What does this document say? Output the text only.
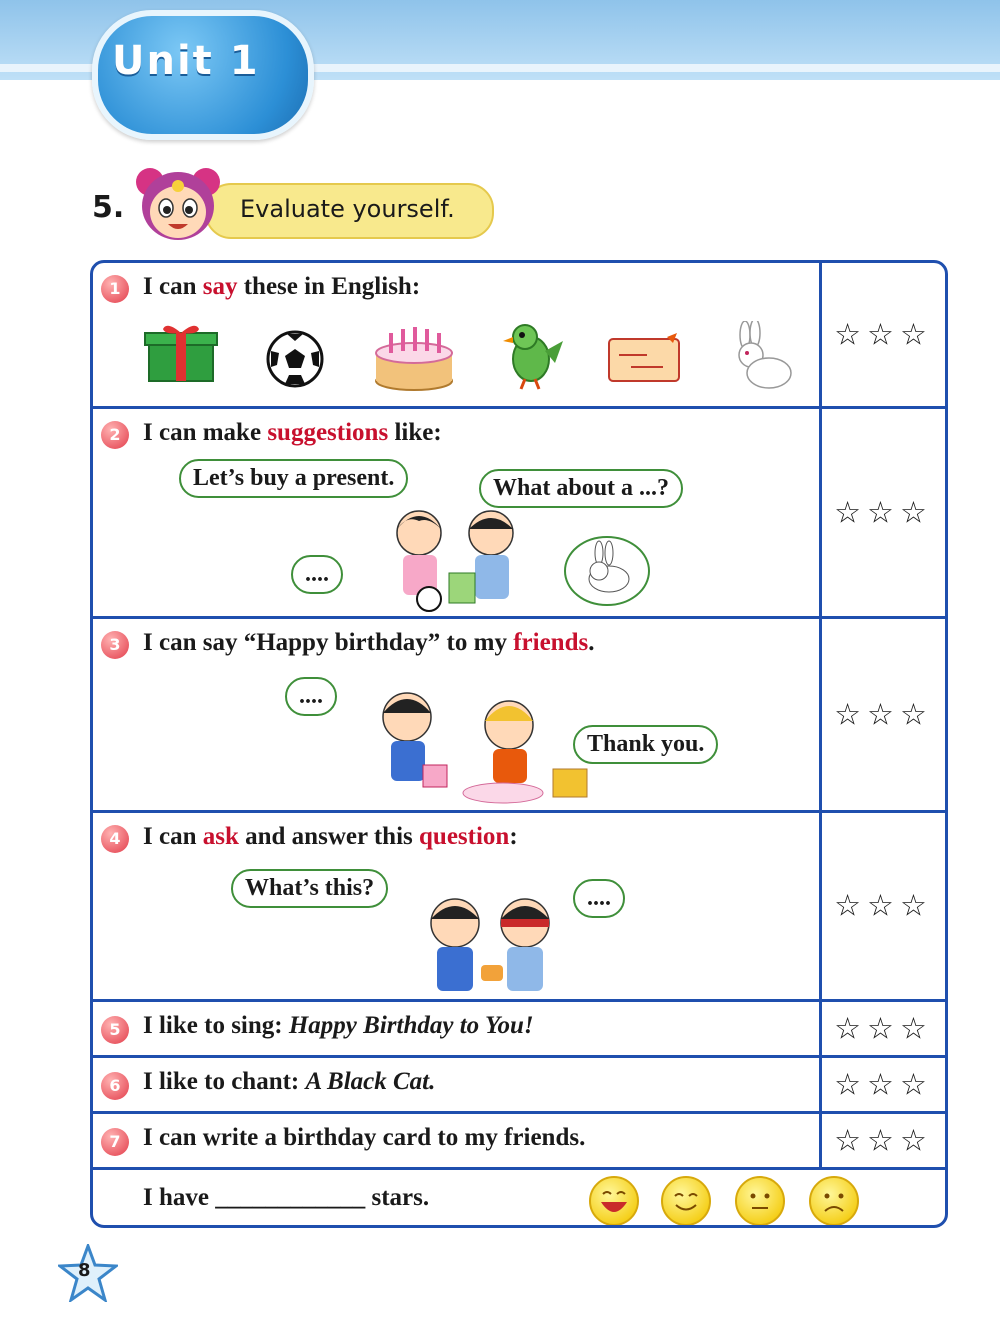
Unit 1
5.	Evaluate yourself.
1 I can say these in English:
☆☆☆
2 I can make suggestions like:
Let’s buy a present.	What about a ...?
....
☆☆☆
3 I can say “Happy birthday” to my friends.
....
Thank you.
☆☆☆
4 I can ask and answer this question:
What’s this?	....	☆☆☆
5 I like to sing: Happy Birthday to You!	☆☆☆
6 I like to chant: A Black Cat.	☆☆☆
7 I can write a birthday card to my friends.	☆☆☆
I have ____________ stars.
8
